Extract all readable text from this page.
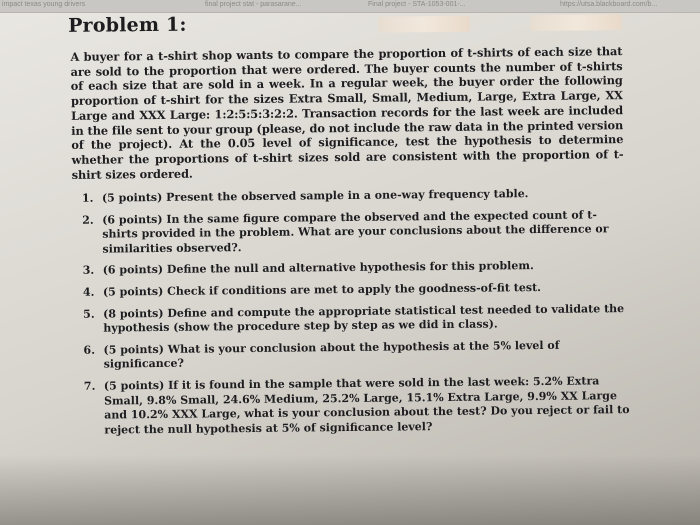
impact texas young drivers	final project stat - parasarane...	Final project - STA-1053-001-...	https://utsa.blackboard.com/b...
Problem 1:
A buyer for a t-shirt shop wants to compare the proportion of t-shirts of each size that are sold to the proportion that were ordered. The buyer counts the number of t-shirts of each size that are sold in a week. In a regular week, the buyer order the following proportion of t-shirt for the sizes Extra Small, Small, Medium, Large, Extra Large, XX Large and XXX Large: 1:2:5:5:3:2:2. Transaction records for the last week are included in the file sent to your group (please, do not include the raw data in the printed version of the project). At the 0.05 level of significance, test the hypothesis to determine whether the proportions of t-shirt sizes sold are consistent with the proportion of t-shirt sizes ordered.
1. (5 points) Present the observed sample in a one-way frequency table.
2. (6 points) In the same figure compare the observed and the expected count of t-shirts provided in the problem. What are your conclusions about the difference or similarities observed?.
3. (6 points) Define the null and alternative hypothesis for this problem.
4. (5 points) Check if conditions are met to apply the goodness-of-fit test.
5. (8 points) Define and compute the appropriate statistical test needed to validate the hypothesis (show the procedure step by step as we did in class).
6. (5 points) What is your conclusion about the hypothesis at the 5% level of significance?
7. (5 points) If it is found in the sample that were sold in the last week: 5.2% Extra Small, 9.8% Small, 24.6% Medium, 25.2% Large, 15.1% Extra Large, 9.9% XX Large and 10.2% XXX Large, what is your conclusion about the test? Do you reject or fail to reject the null hypothesis at 5% of significance level?
